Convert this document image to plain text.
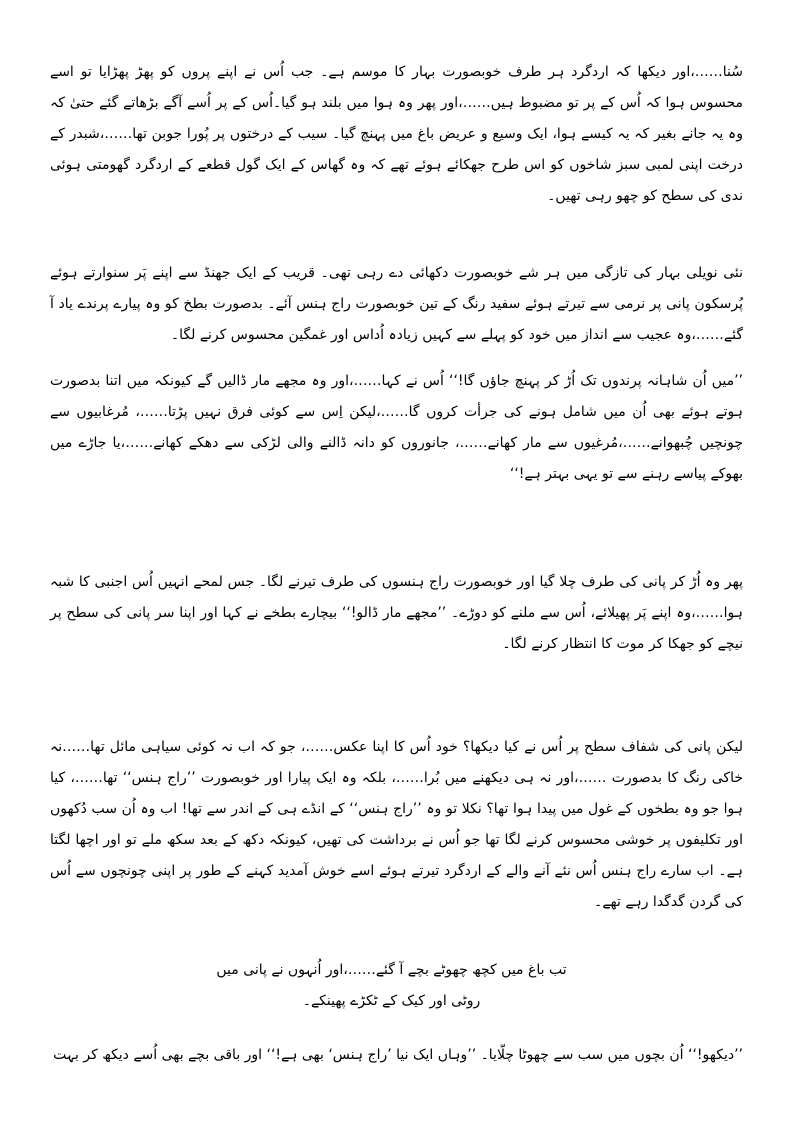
سُنا……،اور دیکھا کہ اردگرد ہر طرف خوبصورت بہار کا موسم ہے۔ جب اُس نے اپنے پروں کو پھڑ پھڑایا تو اسے محسوس ہوا کہ اُس کے پر تو مضبوط ہیں……،اور پھر وہ ہوا میں بلند ہو گیا۔اُس کے پر اُسے آگے بڑھاتے گئے حتیٰ کہ وہ یہ جانے بغیر کہ یہ کیسے ہوا، ایک وسیع و عریض باغ میں پہنچ گیا۔ سیب کے درختوں پر پُورا جوبن تھا……،شبدر کے درخت اپنی لمبی سبز شاخوں کو اس طرح جھکائے ہوئے تھے کہ وہ گھاس کے ایک گول قطعے کے اردگرد گھومتی ہوئی ندی کی سطح کو چھو رہی تھیں۔

نئی نویلی بہار کی تازگی میں ہر شے خوبصورت دکھائی دے رہی تھی۔ قریب کے ایک جھنڈ سے اپنے پَر سنوارتے ہوئے پُرسکون پانی پر نرمی سے تیرتے ہوئے سفید رنگ کے تین خوبصورت راج ہنس آئے۔ بدصورت بطخ کو وہ پیارے پرندے یاد آ گئے……،وہ عجیب سے انداز میں خود کو پہلے سے کہیں زیادہ اُداس اور غمگین محسوس کرنے لگا۔

’’میں اُن شاہانہ پرندوں تک اُڑ کر پہنچ جاؤں گا!‘‘ اُس نے کہا……،اور وہ مجھے مار ڈالیں گے کیونکہ میں اتنا بدصورت ہوتے ہوئے بھی اُن میں شامل ہونے کی جرأت کروں گا……،لیکن اِس سے کوئی فرق نہیں پڑتا……، مُرغابیوں سے چونچیں چُبھوانے……،مُرغیوں سے مار کھانے……، جانوروں کو دانہ ڈالنے والی لڑکی سے دھکے کھانے……،یا جاڑے میں بھوکے پیاسے رہنے سے تو یہی بہتر ہے!‘‘

پھر وہ اُڑ کر پانی کی طرف چلا گیا اور خوبصورت راج ہنسوں کی طرف تیرنے لگا۔ جس لمحے انہیں اُس اجنبی کا شبہ ہوا……،وہ اپنے پَر پھیلائے، اُس سے ملنے کو دوڑے۔ ’’مجھے مار ڈالو!‘‘ بیچارے بطخے نے کہا اور اپنا سر پانی کی سطح پر نیچے کو جھکا کر موت کا انتظار کرنے لگا۔

لیکن پانی کی شفاف سطح پر اُس نے کیا دیکھا؟ خود اُس کا اپنا عکس……، جو کہ اب نہ کوئی سیاہی مائل تھا……نہ خاکی رنگ کا بدصورت ……،اور نہ ہی دیکھنے میں بُرا……، بلکہ وہ ایک پیارا اور خوبصورت ’’راج ہنس‘‘ تھا……، کیا ہوا جو وہ بطخوں کے غول میں پیدا ہوا تھا؟ نکلا تو وہ ’’راج ہنس‘‘ کے انڈے ہی کے اندر سے تھا! اب وہ اُن سب دُکھوں اور تکلیفوں پر خوشی محسوس کرنے لگا تھا جو اُس نے برداشت کی تھیں، کیونکہ دکھ کے بعد سکھ ملے تو اور اچھا لگتا ہے۔ اب سارے راج ہنس اُس نئے آنے والے کے اردگرد تیرتے ہوئے اسے خوش آمدید کہنے کے طور پر اپنی چونچوں سے اُس کی گردن گدگدا رہے تھے۔

تب باغ میں کچھ چھوٹے بچے آ گئے……،اور اُنہوں نے پانی میں روٹی اور کیک کے ٹکڑے پھینکے۔

’’دیکھو!‘‘ اُن بچوں میں سب سے چھوٹا چلّایا۔ ’’وہاں ایک نیا ’راج ہنس‘ بھی ہے!‘‘ اور باقی بچے بھی اُسے دیکھ کر بہت
